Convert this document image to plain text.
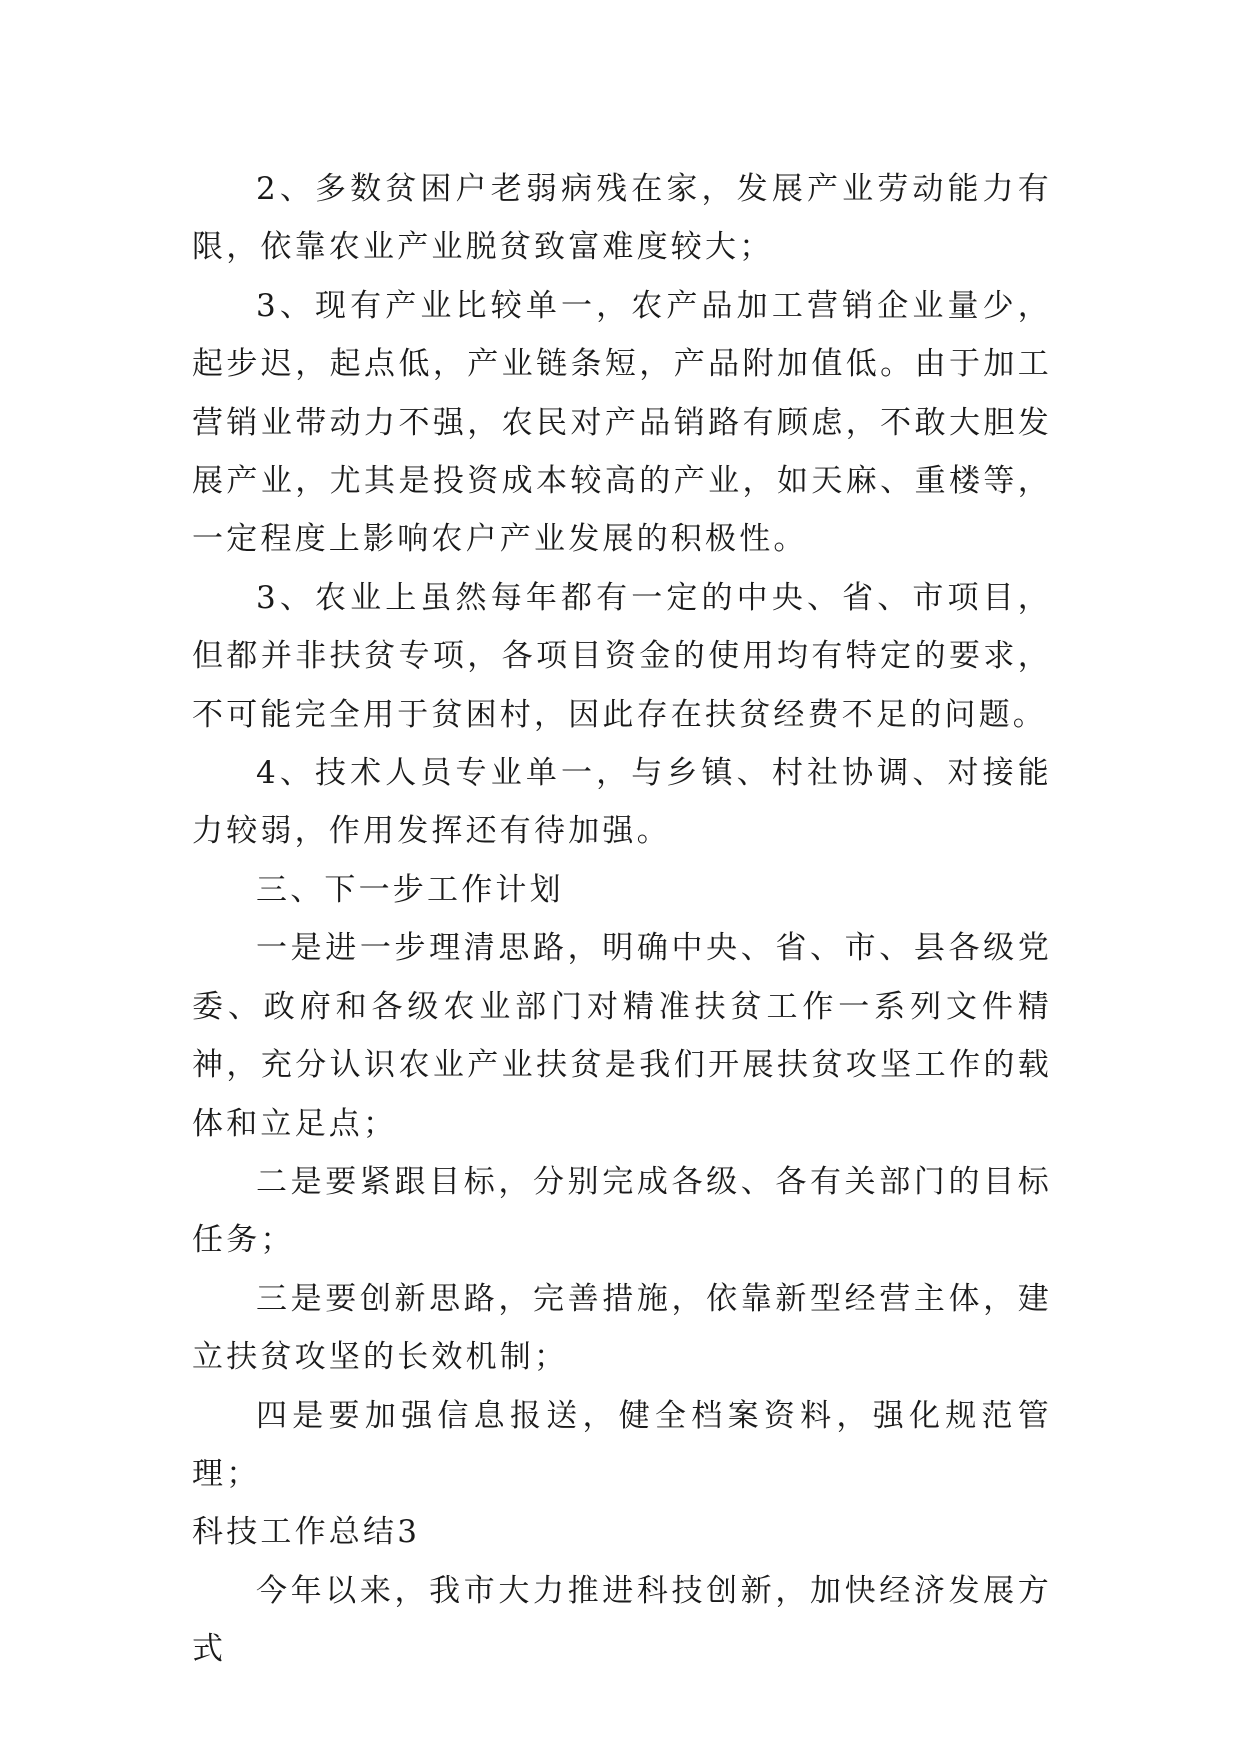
2、多数贫困户老弱病残在家，发展产业劳动能力有限，依靠农业产业脱贫致富难度较大；

3、现有产业比较单一，农产品加工营销企业量少，起步迟，起点低，产业链条短，产品附加值低。由于加工营销业带动力不强，农民对产品销路有顾虑，不敢大胆发展产业，尤其是投资成本较高的产业，如天麻、重楼等，一定程度上影响农户产业发展的积极性。

3、农业上虽然每年都有一定的中央、省、市项目，但都并非扶贫专项，各项目资金的使用均有特定的要求，不可能完全用于贫困村，因此存在扶贫经费不足的问题。

4、技术人员专业单一，与乡镇、村社协调、对接能力较弱，作用发挥还有待加强。

三、下一步工作计划

一是进一步理清思路，明确中央、省、市、县各级党委、政府和各级农业部门对精准扶贫工作一系列文件精神，充分认识农业产业扶贫是我们开展扶贫攻坚工作的载体和立足点；

二是要紧跟目标，分别完成各级、各有关部门的目标任务；

三是要创新思路，完善措施，依靠新型经营主体，建立扶贫攻坚的长效机制；

四是要加强信息报送，健全档案资料，强化规范管理；

科技工作总结3

今年以来，我市大力推进科技创新，加快经济发展方式
